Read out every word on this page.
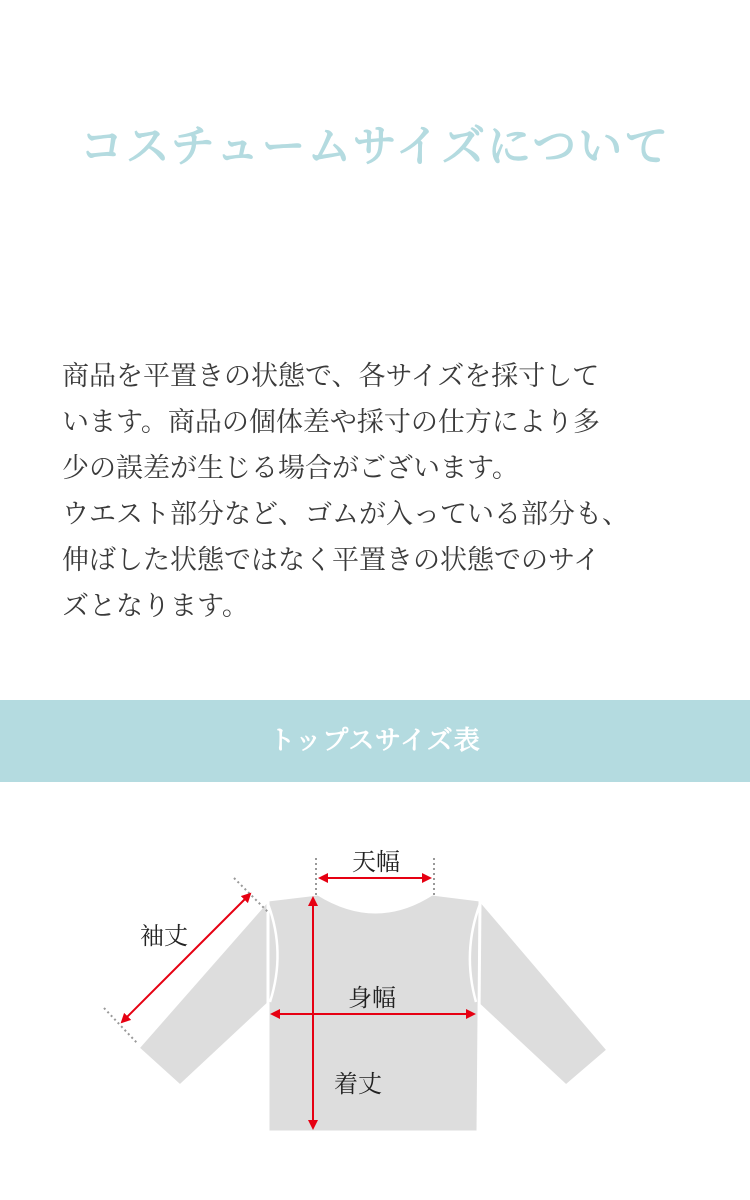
コスチュームサイズについて
商品を平置きの状態で、各サイズを採寸して
います。商品の個体差や採寸の仕方により多
少の誤差が生じる場合がございます。
ウエスト部分など、ゴムが入っている部分も、
伸ばした状態ではなく平置きの状態でのサイ
ズとなります。
トップスサイズ表
天幅
袖丈
身幅
着丈
